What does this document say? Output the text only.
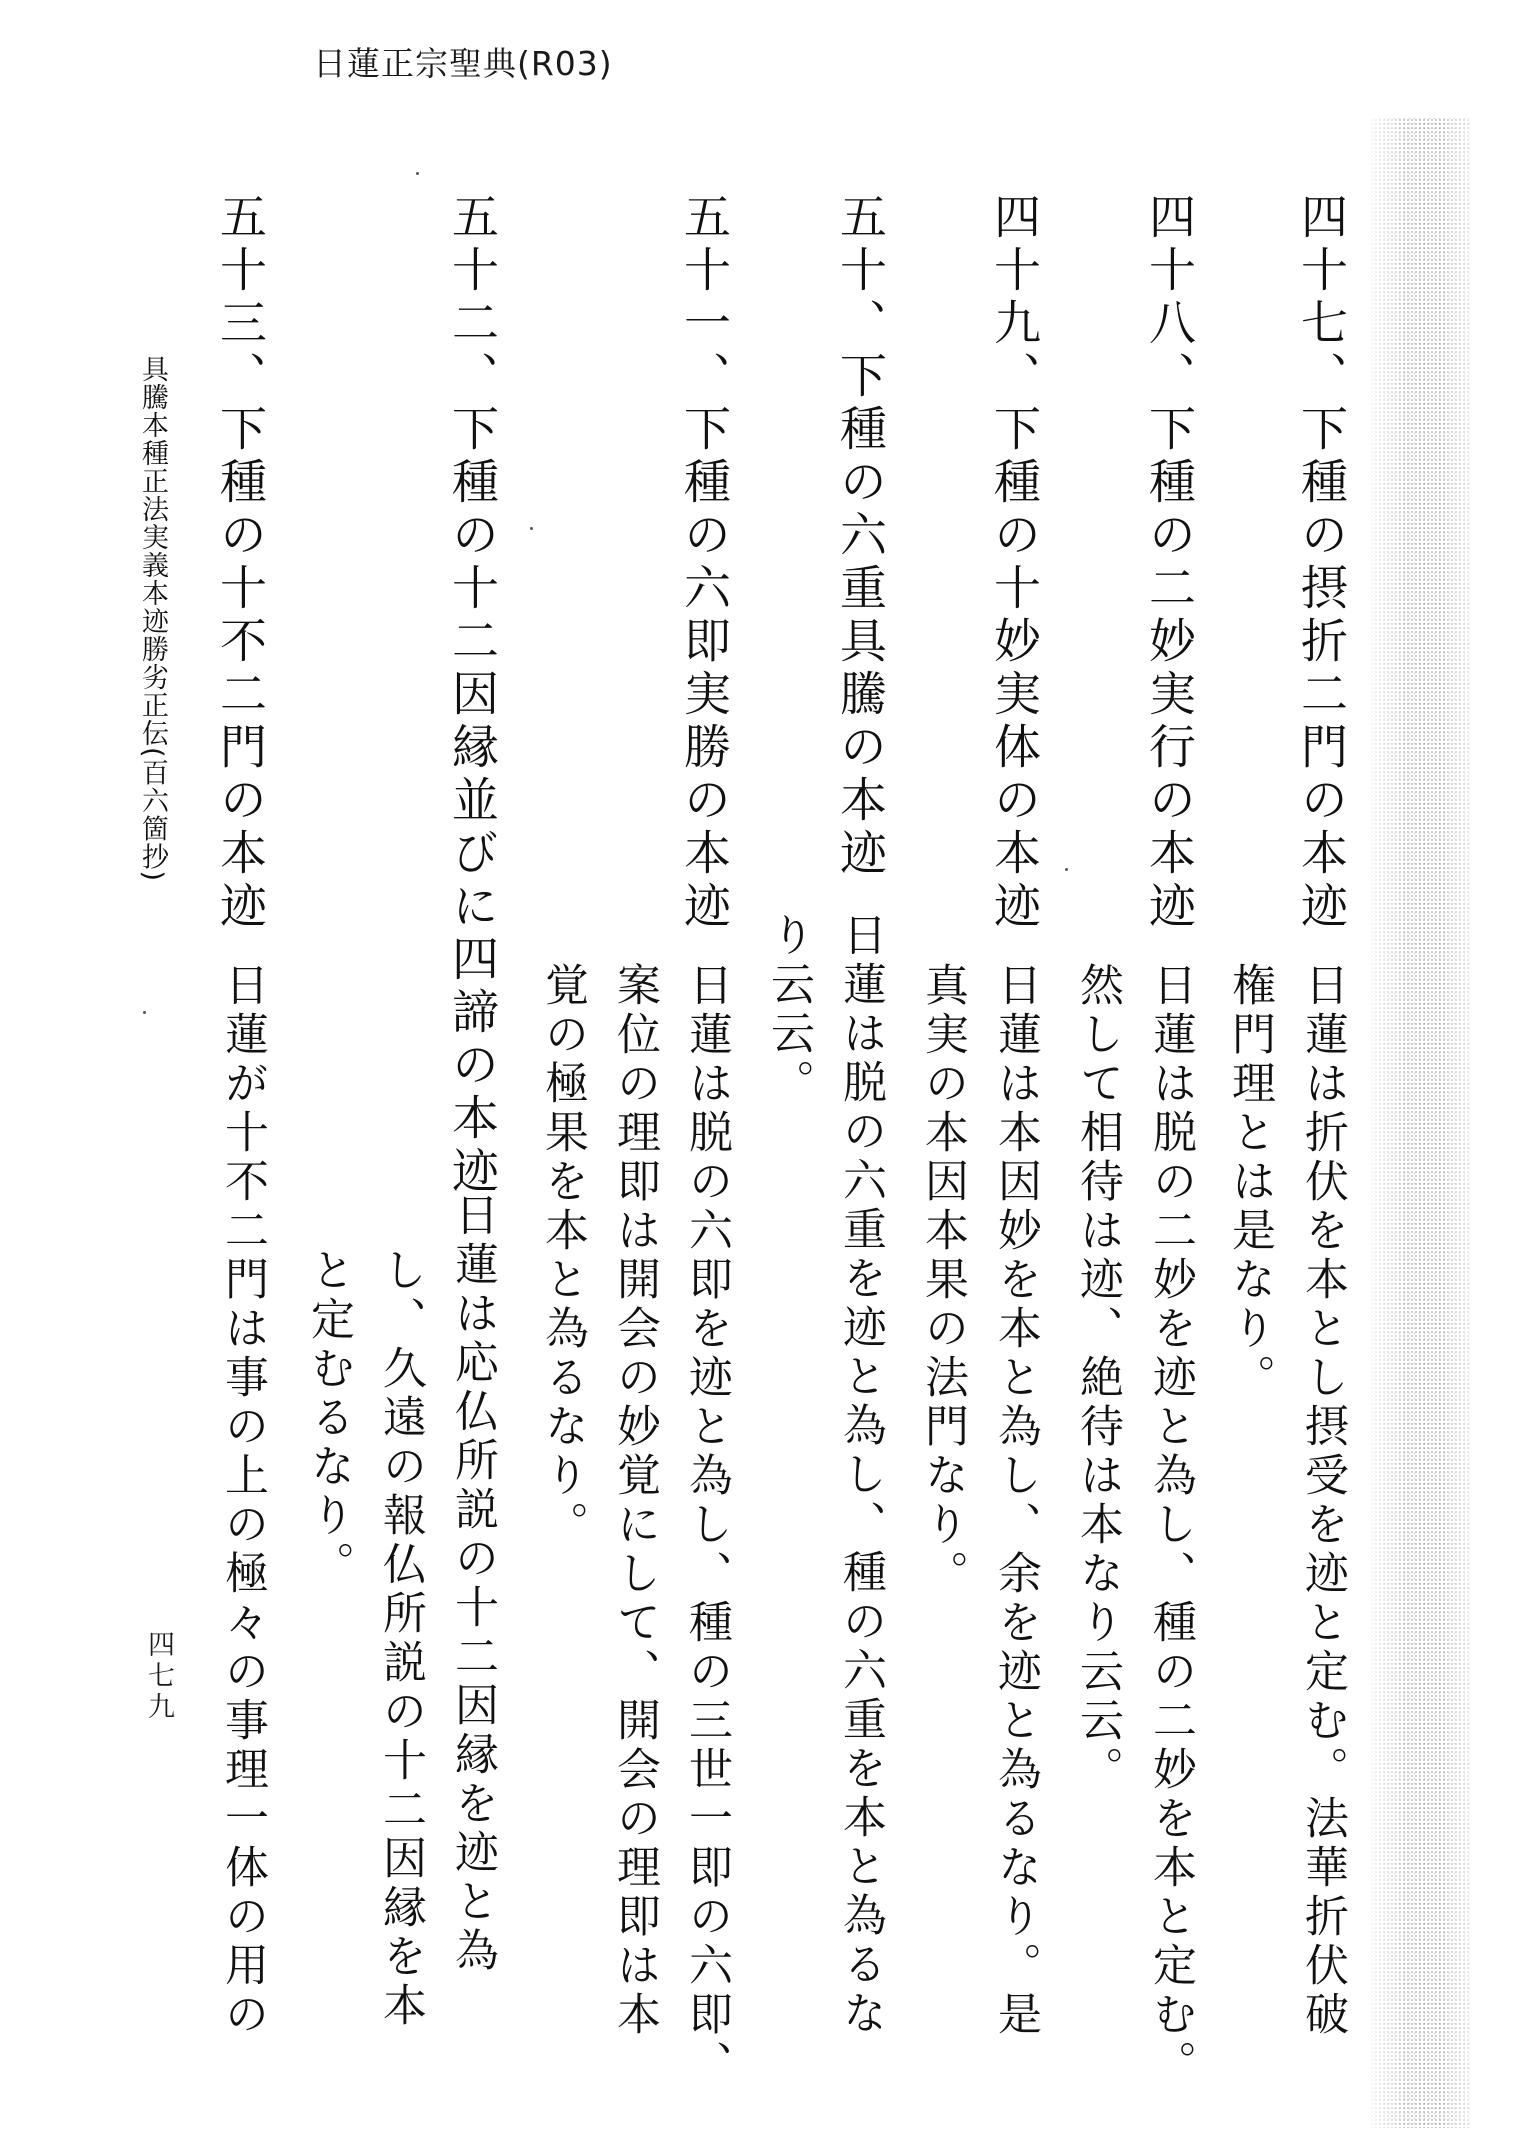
日蓮正宗聖典(R03)
四十七、下種の摂折二門の本迹
日蓮は折伏を本とし摂受を迹と定む。法華折伏破
権門理とは是なり。
四十八、下種の二妙実行の本迹
日蓮は脱の二妙を迹と為し、種の二妙を本と定む。
然して相待は迹、絶待は本なり云云。
四十九、下種の十妙実体の本迹
日蓮は本因妙を本と為し、余を迹と為るなり。是
真実の本因本果の法門なり。
五十、下種の六重具騰の本迹
日蓮は脱の六重を迹と為し、種の六重を本と為るな
り云云。
五十一、下種の六即実勝の本迹
日蓮は脱の六即を迹と為し、種の三世一即の六即、
案位の理即は開会の妙覚にして、開会の理即は本
覚の極果を本と為るなり。
五十二、下種の十二因縁並びに四諦の本迹
日蓮は応仏所説の十二因縁を迹と為
し、久遠の報仏所説の十二因縁を本
と定むるなり。
五十三、下種の十不二門の本迹
日蓮が十不二門は事の上の極々の事理一体の用の
具騰本種正法実義本迹勝劣正伝(百六箇抄)
四七九
